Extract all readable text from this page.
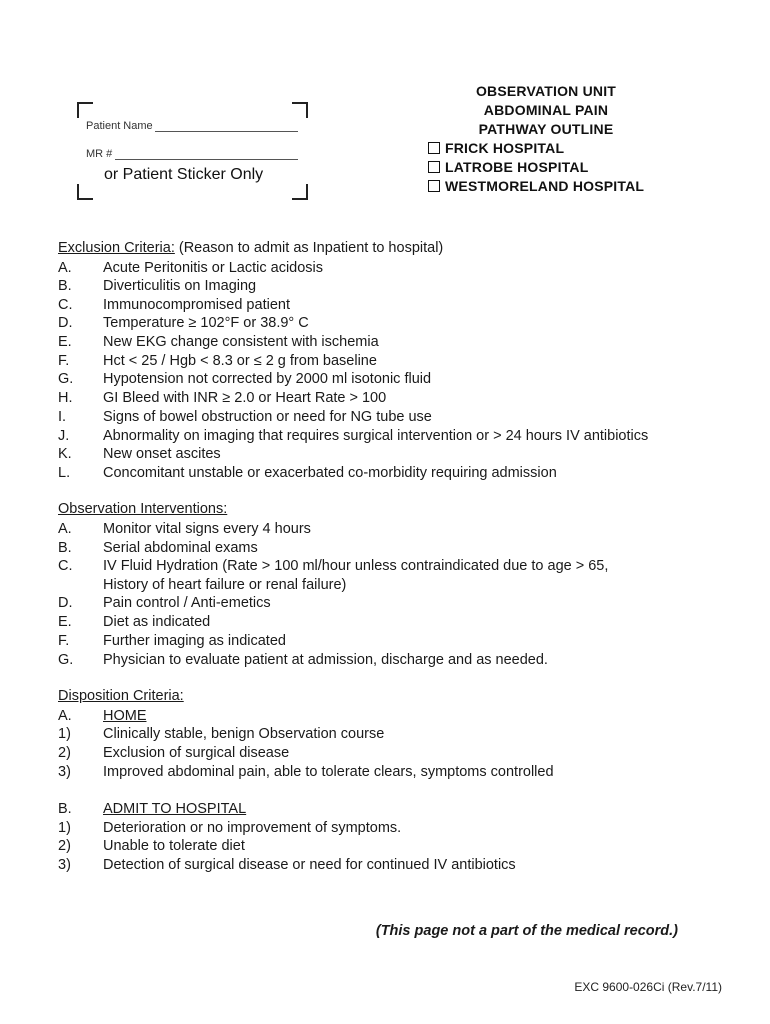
Patient Name
MR #
or Patient Sticker Only
OBSERVATION UNIT
ABDOMINAL PAIN
PATHWAY OUTLINE
FRICK HOSPITAL
LATROBE HOSPITAL
WESTMORELAND HOSPITAL
Exclusion Criteria: (Reason to admit as Inpatient to hospital)
A.	Acute Peritonitis or Lactic acidosis
B.	Diverticulitis on Imaging
C.	Immunocompromised patient
D.	Temperature ≥ 102°F or 38.9° C
E.	New EKG change consistent with ischemia
F.	Hct < 25 / Hgb < 8.3 or ≤ 2 g from baseline
G.	Hypotension not corrected by 2000 ml isotonic fluid
H.	GI Bleed with INR ≥ 2.0 or Heart Rate > 100
I.	Signs of bowel obstruction or need for NG tube use
J.	Abnormality on imaging that requires surgical intervention or > 24 hours IV antibiotics
K.	New onset ascites
L.	Concomitant unstable or exacerbated co-morbidity requiring admission
Observation Interventions:
A.	Monitor vital signs every 4 hours
B.	Serial abdominal exams
C.	IV Fluid Hydration (Rate > 100 ml/hour unless contraindicated due to age > 65,
History of heart failure or renal failure)
D.	Pain control / Anti-emetics
E.	Diet as indicated
F.	Further imaging as indicated
G.	Physician to evaluate patient at admission, discharge and as needed.
Disposition Criteria:
A.	HOME
1)	Clinically stable, benign Observation course
2)	Exclusion of surgical disease
3)	Improved abdominal pain, able to tolerate clears, symptoms controlled
B.	ADMIT TO HOSPITAL
1)	Deterioration or no improvement of symptoms.
2)	Unable to tolerate diet
3)	Detection of surgical disease or need for continued IV antibiotics
(This page not a part of the medical record.)
EXC 9600-026Ci (Rev.7/11)
